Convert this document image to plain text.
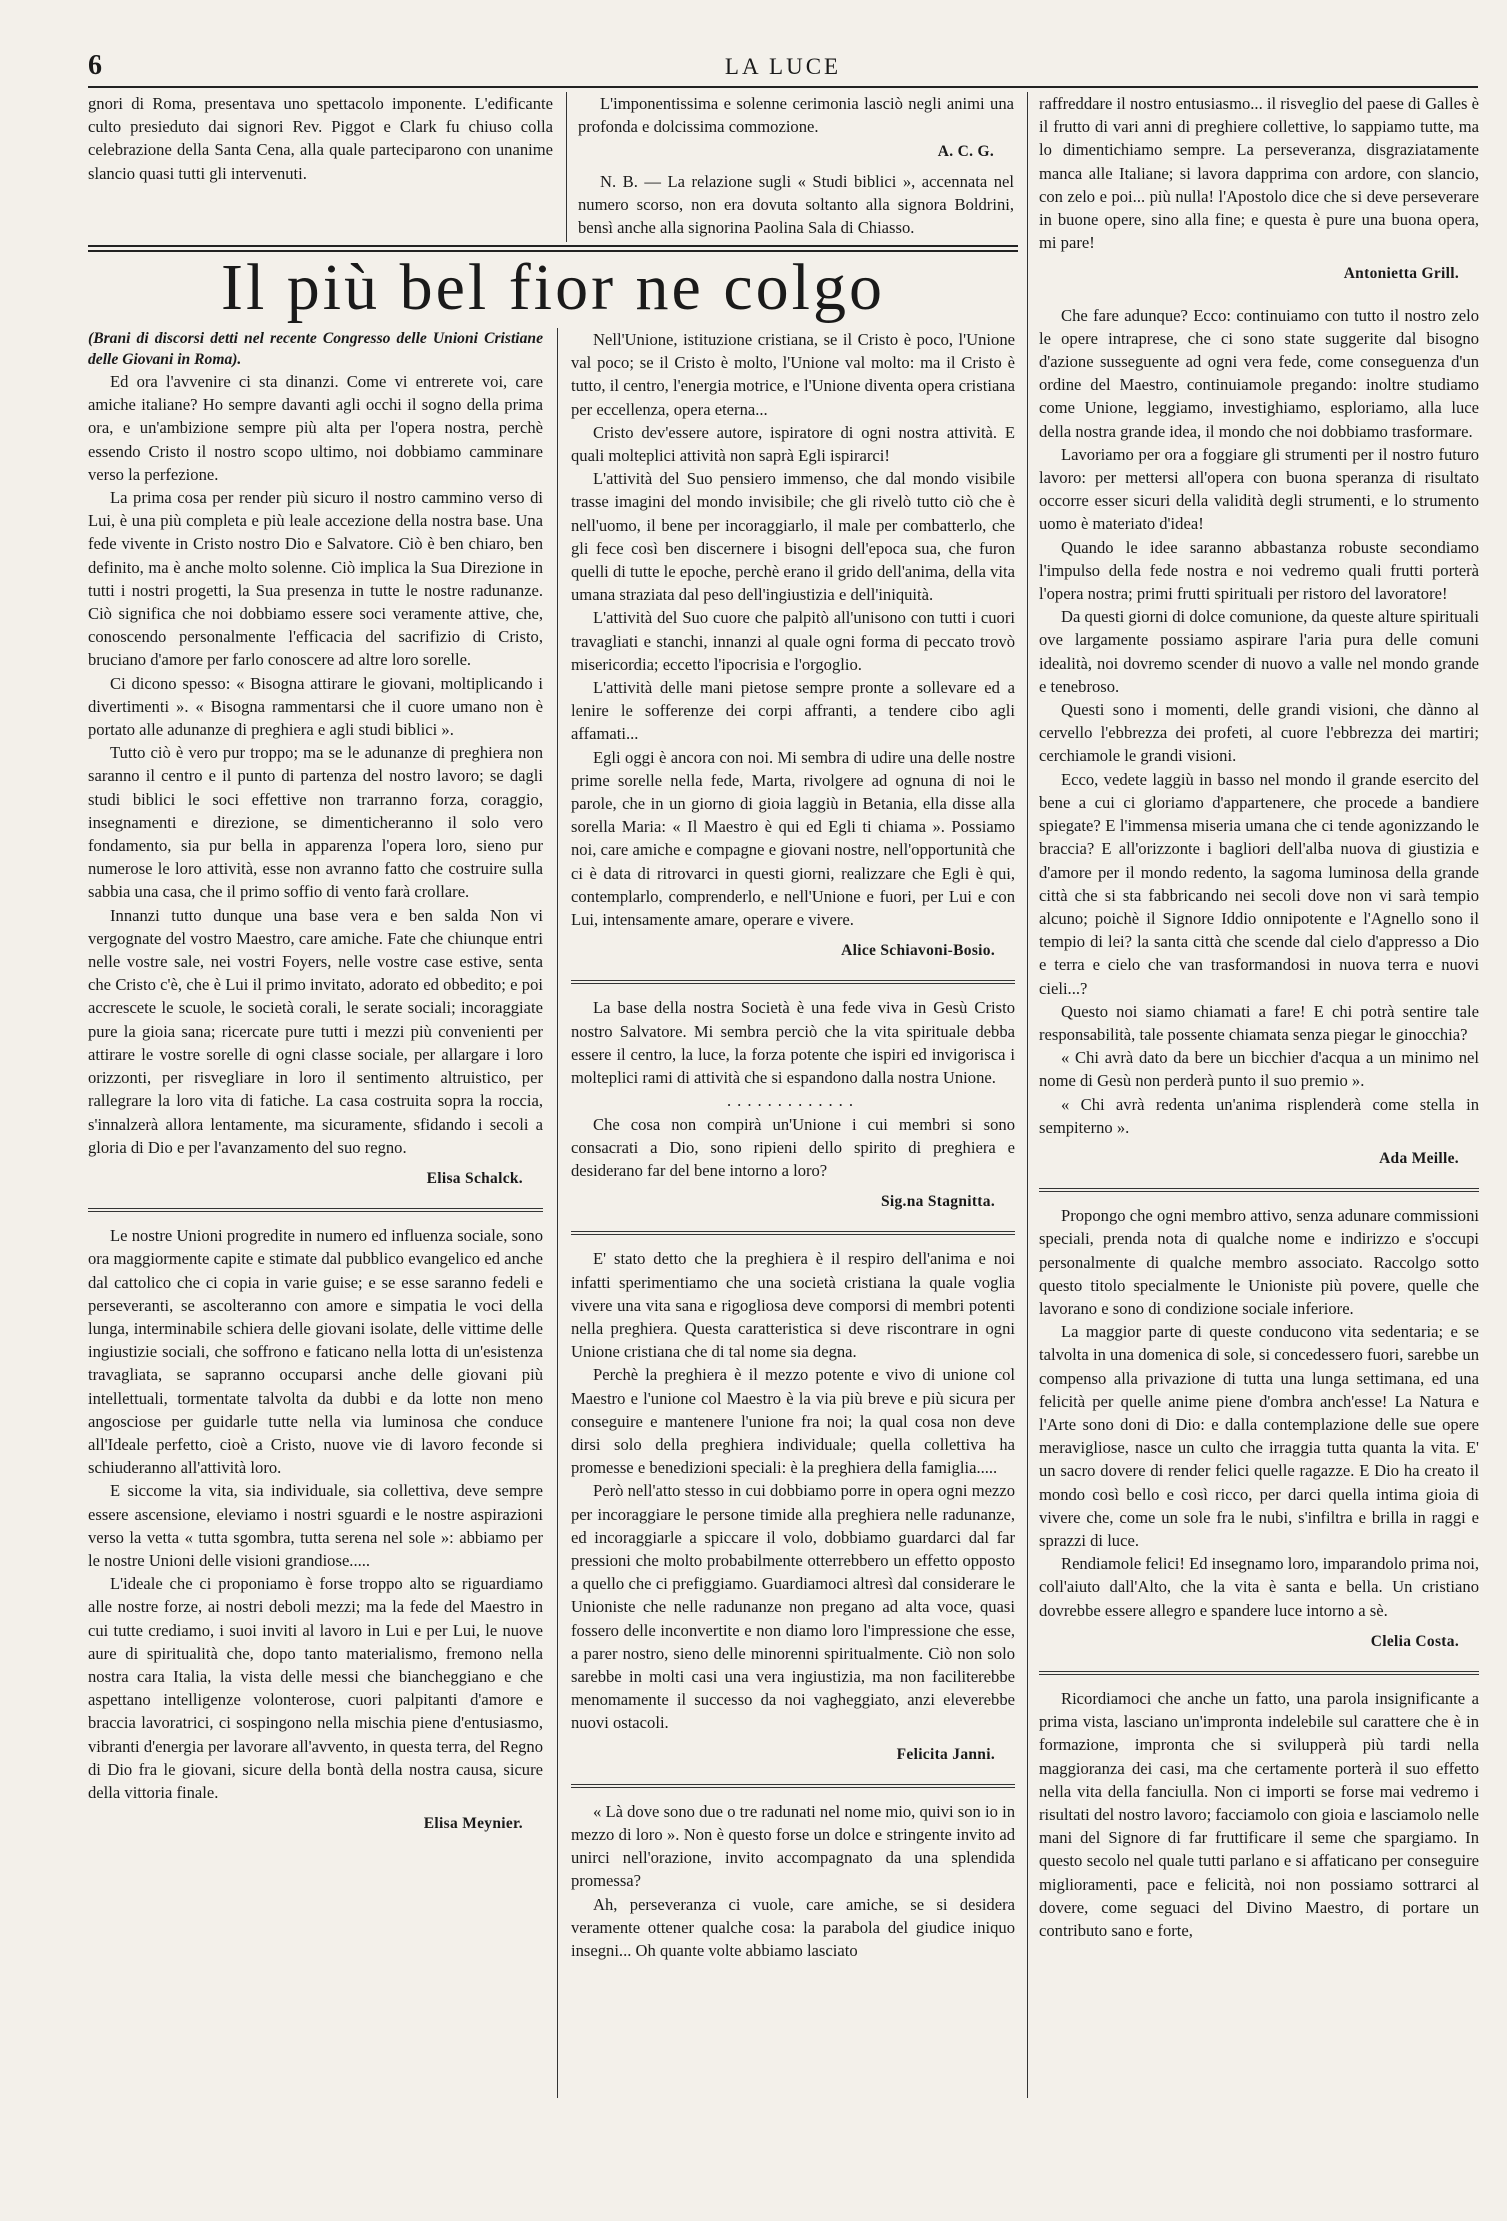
6	LA LUCE

gnori di Roma, presentava uno spettacolo imponente. L'edificante culto presieduto dai signori Rev. Piggot e Clark fu chiuso colla celebrazione della Santa Cena, alla quale parteciparono con unanime slancio quasi tutti gli intervenuti.

L'imponentissima e solenne cerimonia lasciò negli animi una profonda e dolcissima commozione.

A. C. G.

N. B. — La relazione sugli « Studi biblici », accennata nel numero scorso, non era dovuta soltanto alla signora Boldrini, bensì anche alla signorina Paolina Sala di Chiasso.

Il più bel fior ne colgo

(Brani di discorsi detti nel recente Congresso delle Unioni Cristiane delle Giovani in Roma).

Ed ora l'avvenire ci sta dinanzi. Come vi entrerete voi, care amiche italiane? Ho sempre davanti agli occhi il sogno della prima ora, e un'ambizione sempre più alta per l'opera nostra, perchè essendo Cristo il nostro scopo ultimo, noi dobbiamo camminare verso la perfezione.

La prima cosa per render più sicuro il nostro cammino verso di Lui, è una più completa e più leale accezione della nostra base. Una fede vivente in Cristo nostro Dio e Salvatore. Ciò è ben chiaro, ben definito, ma è anche molto solenne. Ciò implica la Sua Direzione in tutti i nostri progetti, la Sua presenza in tutte le nostre radunanze. Ciò significa che noi dobbiamo essere soci veramente attive, che, conoscendo personalmente l'efficacia del sacrifizio di Cristo, bruciano d'amore per farlo conoscere ad altre loro sorelle.

Ci dicono spesso: « Bisogna attirare le giovani, moltiplicando i divertimenti ». « Bisogna rammentarsi che il cuore umano non è portato alle adunanze di preghiera e agli studi biblici ».

Tutto ciò è vero pur troppo; ma se le adunanze di preghiera non saranno il centro e il punto di partenza del nostro lavoro; se dagli studi biblici le soci effettive non trarranno forza, coraggio, insegnamenti e direzione, se dimenticheranno il solo vero fondamento, sia pur bella in apparenza l'opera loro, sieno pur numerose le loro attività, esse non avranno fatto che costruire sulla sabbia una casa, che il primo soffio di vento farà crollare.

Innanzi tutto dunque una base vera e ben salda Non vi vergognate del vostro Maestro, care amiche. Fate che chiunque entri nelle vostre sale, nei vostri Foyers, nelle vostre case estive, senta che Cristo c'è, che è Lui il primo invitato, adorato ed obbedito; e poi accrescete le scuole, le società corali, le serate sociali; incoraggiate pure la gioia sana; ricercate pure tutti i mezzi più convenienti per attirare le vostre sorelle di ogni classe sociale, per allargare i loro orizzonti, per risvegliare in loro il sentimento altruistico, per rallegrare la loro vita di fatiche. La casa costruita sopra la roccia, s'innalzerà allora lentamente, ma sicuramente, sfidando i secoli a gloria di Dio e per l'avanzamento del suo regno.

Elisa Schalck.

Le nostre Unioni progredite in numero ed influenza sociale, sono ora maggiormente capite e stimate dal pubblico evangelico ed anche dal cattolico che ci copia in varie guise; e se esse saranno fedeli e perseveranti, se ascolteranno con amore e simpatia le voci della lunga, interminabile schiera delle giovani isolate, delle vittime delle ingiustizie sociali, che soffrono e faticano nella lotta di un'esistenza travagliata, se sapranno occuparsi anche delle giovani più intellettuali, tormentate talvolta da dubbi e da lotte non meno angosciose per guidarle tutte nella via luminosa che conduce all'Ideale perfetto, cioè a Cristo, nuove vie di lavoro feconde si schiuderanno all'attività loro.

E siccome la vita, sia individuale, sia collettiva, deve sempre essere ascensione, eleviamo i nostri sguardi e le nostre aspirazioni verso la vetta « tutta sgombra, tutta serena nel sole »: abbiamo per le nostre Unioni delle visioni grandiose.....

L'ideale che ci proponiamo è forse troppo alto se riguardiamo alle nostre forze, ai nostri deboli mezzi; ma la fede del Maestro in cui tutte crediamo, i suoi inviti al lavoro in Lui e per Lui, le nuove aure di spiritualità che, dopo tanto materialismo, fremono nella nostra cara Italia, la vista delle messi che biancheggiano e che aspettano intelligenze volonterose, cuori palpitanti d'amore e braccia lavoratrici, ci sospingono nella mischia piene d'entusiasmo, vibranti d'energia per lavorare all'avvento, in questa terra, del Regno di Dio fra le giovani, sicure della bontà della nostra causa, sicure della vittoria finale.

Elisa Meynier.

Nell'Unione, istituzione cristiana, se il Cristo è poco, l'Unione val poco; se il Cristo è molto, l'Unione val molto: ma il Cristo è tutto, il centro, l'energia motrice, e l'Unione diventa opera cristiana per eccellenza, opera eterna...

Cristo dev'essere autore, ispiratore di ogni nostra attività. E quali molteplici attività non saprà Egli ispirarci!

L'attività del Suo pensiero immenso, che dal mondo visibile trasse imagini del mondo invisibile; che gli rivelò tutto ciò che è nell'uomo, il bene per incoraggiarlo, il male per combatterlo, che gli fece così ben discernere i bisogni dell'epoca sua, che furon quelli di tutte le epoche, perchè erano il grido dell'anima, della vita umana straziata dal peso dell'ingiustizia e dell'iniquità.

L'attività del Suo cuore che palpitò all'unisono con tutti i cuori travagliati e stanchi, innanzi al quale ogni forma di peccato trovò misericordia; eccetto l'ipocrisia e l'orgoglio.

L'attività delle mani pietose sempre pronte a sollevare ed a lenire le sofferenze dei corpi affranti, a tendere cibo agli affamati...

Egli oggi è ancora con noi. Mi sembra di udire una delle nostre prime sorelle nella fede, Marta, rivolgere ad ognuna di noi le parole, che in un giorno di gioia laggiù in Betania, ella disse alla sorella Maria: « Il Maestro è qui ed Egli ti chiama ». Possiamo noi, care amiche e compagne e giovani nostre, nell'opportunità che ci è data di ritrovarci in questi giorni, realizzare che Egli è qui, contemplarlo, comprenderlo, e nell'Unione e fuori, per Lui e con Lui, intensamente amare, operare e vivere.

Alice Schiavoni-Bosio.

La base della nostra Società è una fede viva in Gesù Cristo nostro Salvatore. Mi sembra perciò che la vita spirituale debba essere il centro, la luce, la forza potente che ispiri ed invigorisca i molteplici rami di attività che si espandono dalla nostra Unione.

.............

Che cosa non compirà un'Unione i cui membri si sono consacrati a Dio, sono ripieni dello spirito di preghiera e desiderano far del bene intorno a loro?

Sig.na Stagnitta.

E' stato detto che la preghiera è il respiro dell'anima e noi infatti sperimentiamo che una società cristiana la quale voglia vivere una vita sana e rigogliosa deve comporsi di membri potenti nella preghiera. Questa caratteristica si deve riscontrare in ogni Unione cristiana che di tal nome sia degna.

Perchè la preghiera è il mezzo potente e vivo di unione col Maestro e l'unione col Maestro è la via più breve e più sicura per conseguire e mantenere l'unione fra noi; la qual cosa non deve dirsi solo della preghiera individuale; quella collettiva ha promesse e benedizioni speciali: è la preghiera della famiglia.....

Però nell'atto stesso in cui dobbiamo porre in opera ogni mezzo per incoraggiare le persone timide alla preghiera nelle radunanze, ed incoraggiarle a spiccare il volo, dobbiamo guardarci dal far pressioni che molto probabilmente otterrebbero un effetto opposto a quello che ci prefiggiamo. Guardiamoci altresì dal considerare le Unioniste che nelle radunanze non pregano ad alta voce, quasi fossero delle inconvertite e non diamo loro l'impressione che esse, a parer nostro, sieno delle minorenni spiritualmente. Ciò non solo sarebbe in molti casi una vera ingiustizia, ma non faciliterebbe menomamente il successo da noi vagheggiato, anzi eleverebbe nuovi ostacoli.

Felicita Janni.

« Là dove sono due o tre radunati nel nome mio, quivi son io in mezzo di loro ». Non è questo forse un dolce e stringente invito ad unirci nell'orazione, invito accompagnato da una splendida promessa?

Ah, perseveranza ci vuole, care amiche, se si desidera veramente ottener qualche cosa: la parabola del giudice iniquo insegni... Oh quante volte abbiamo lasciato

raffreddare il nostro entusiasmo... il risveglio del paese di Galles è il frutto di vari anni di preghiere collettive, lo sappiamo tutte, ma lo dimentichiamo sempre. La perseveranza, disgraziatamente manca alle Italiane; si lavora dapprima con ardore, con slancio, con zelo e poi... più nulla! l'Apostolo dice che si deve perseverare in buone opere, sino alla fine; e questa è pure una buona opera, mi pare!

Antonietta Grill.

Che fare adunque? Ecco: continuiamo con tutto il nostro zelo le opere intraprese, che ci sono state suggerite dal bisogno d'azione susseguente ad ogni vera fede, come conseguenza d'un ordine del Maestro, continuiamole pregando: inoltre studiamo come Unione, leggiamo, investighiamo, esploriamo, alla luce della nostra grande idea, il mondo che noi dobbiamo trasformare.

Lavoriamo per ora a foggiare gli strumenti per il nostro futuro lavoro: per mettersi all'opera con buona speranza di risultato occorre esser sicuri della validità degli strumenti, e lo strumento uomo è materiato d'idea!

Quando le idee saranno abbastanza robuste secondiamo l'impulso della fede nostra e noi vedremo quali frutti porterà l'opera nostra; primi frutti spirituali per ristoro del lavoratore!

Da questi giorni di dolce comunione, da queste alture spirituali ove largamente possiamo aspirare l'aria pura delle comuni idealità, noi dovremo scender di nuovo a valle nel mondo grande e tenebroso.

Questi sono i momenti, delle grandi visioni, che dànno al cervello l'ebbrezza dei profeti, al cuore l'ebbrezza dei martiri; cerchiamole le grandi visioni.

Ecco, vedete laggiù in basso nel mondo il grande esercito del bene a cui ci gloriamo d'appartenere, che procede a bandiere spiegate? E l'immensa miseria umana che ci tende agonizzando le braccia? E all'orizzonte i bagliori dell'alba nuova di giustizia e d'amore per il mondo redento, la sagoma luminosa della grande città che si sta fabbricando nei secoli dove non vi sarà tempio alcuno; poichè il Signore Iddio onnipotente e l'Agnello sono il tempio di lei? la santa città che scende dal cielo d'appresso a Dio e terra e cielo che van trasformandosi in nuova terra e nuovi cieli...?

Questo noi siamo chiamati a fare! E chi potrà sentire tale responsabilità, tale possente chiamata senza piegar le ginocchia?

« Chi avrà dato da bere un bicchier d'acqua a un minimo nel nome di Gesù non perderà punto il suo premio ».

« Chi avrà redenta un'anima risplenderà come stella in sempiterno ».

Ada Meille.

Propongo che ogni membro attivo, senza adunare commissioni speciali, prenda nota di qualche nome e indirizzo e s'occupi personalmente di qualche membro associato. Raccolgo sotto questo titolo specialmente le Unioniste più povere, quelle che lavorano e sono di condizione sociale inferiore.

La maggior parte di queste conducono vita sedentaria; e se talvolta in una domenica di sole, si concedessero fuori, sarebbe un compenso alla privazione di tutta una lunga settimana, ed una felicità per quelle anime piene d'ombra anch'esse! La Natura e l'Arte sono doni di Dio: e dalla contemplazione delle sue opere meravigliose, nasce un culto che irraggia tutta quanta la vita. E' un sacro dovere di render felici quelle ragazze. E Dio ha creato il mondo così bello e così ricco, per darci quella intima gioia di vivere che, come un sole fra le nubi, s'infiltra e brilla in raggi e sprazzi di luce.

Rendiamole felici! Ed insegnamo loro, imparandolo prima noi, coll'aiuto dall'Alto, che la vita è santa e bella. Un cristiano dovrebbe essere allegro e spandere luce intorno a sè.

Clelia Costa.

Ricordiamoci che anche un fatto, una parola insignificante a prima vista, lasciano un'impronta indelebile sul carattere che è in formazione, impronta che si svilupperà più tardi nella maggioranza dei casi, ma che certamente porterà il suo effetto nella vita della fanciulla. Non ci importi se forse mai vedremo i risultati del nostro lavoro; facciamolo con gioia e lasciamolo nelle mani del Signore di far fruttificare il seme che spargiamo. In questo secolo nel quale tutti parlano e si affaticano per conseguire miglioramenti, pace e felicità, noi non possiamo sottrarci al dovere, come seguaci del Divino Maestro, di portare un contributo sano e forte,
